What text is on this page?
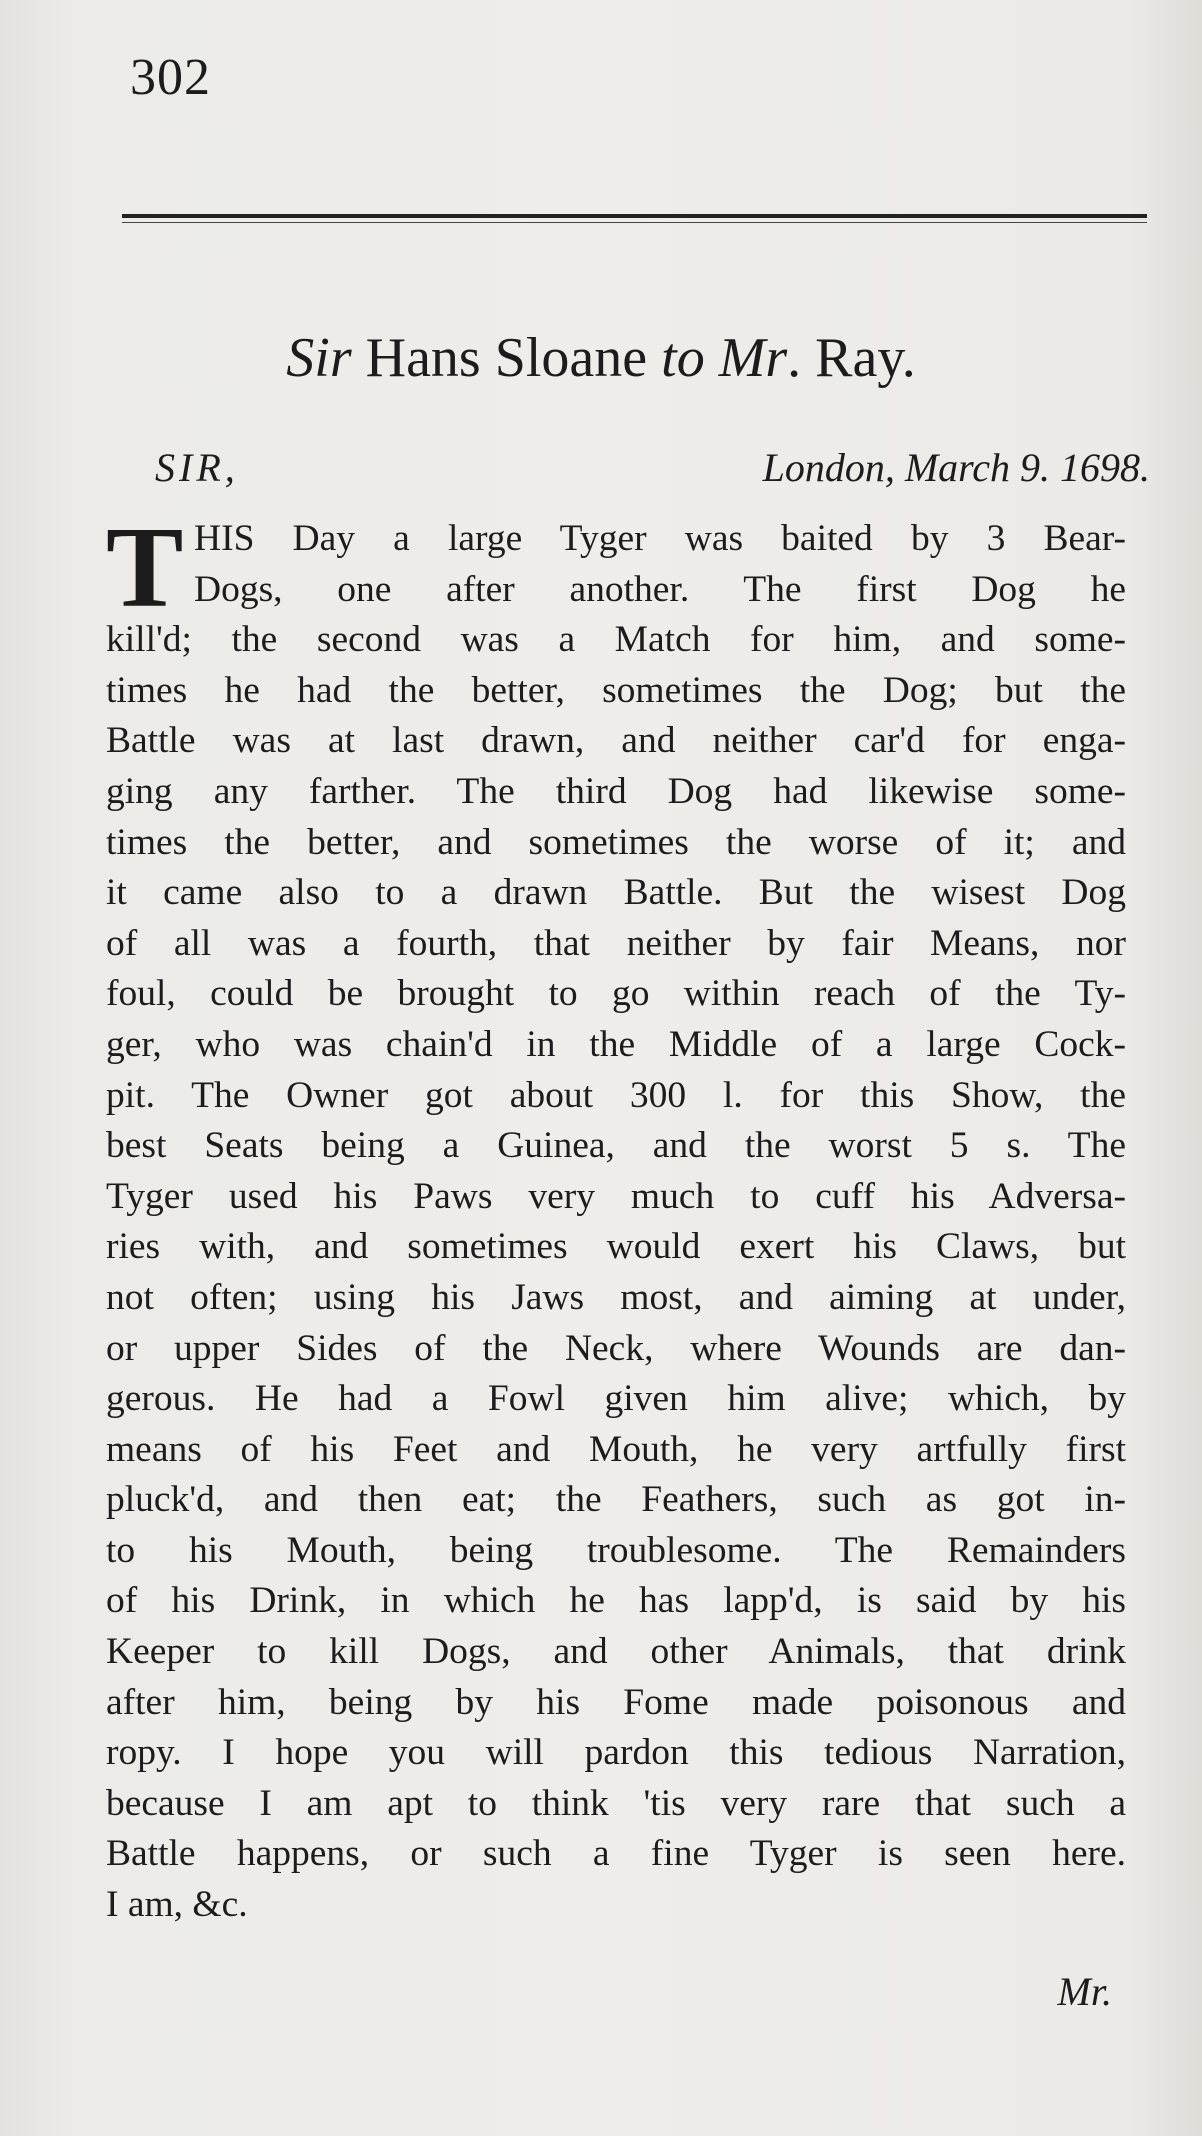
302
Sir Hans Sloane to Mr. Ray.
SIR,	London, March 9. 1698.
T HIS Day a large Tyger was baited by 3 Bear-
Dogs, one after another. The first Dog he
kill'd; the second was a Match for him, and some-
times he had the better, sometimes the Dog; but the
Battle was at last drawn, and neither car'd for enga-
ging any farther. The third Dog had likewise some-
times the better, and sometimes the worse of it; and
it came also to a drawn Battle. But the wisest Dog
of all was a fourth, that neither by fair Means, nor
foul, could be brought to go within reach of the Ty-
ger, who was chain'd in the Middle of a large Cock-
pit. The Owner got about 300 l. for this Show, the
best Seats being a Guinea, and the worst 5 s. The
Tyger used his Paws very much to cuff his Adversa-
ries with, and sometimes would exert his Claws, but
not often; using his Jaws most, and aiming at under,
or upper Sides of the Neck, where Wounds are dan-
gerous. He had a Fowl given him alive; which, by
means of his Feet and Mouth, he very artfully first
pluck'd, and then eat; the Feathers, such as got in-
to his Mouth, being troublesome. The Remainders
of his Drink, in which he has lapp'd, is said by his
Keeper to kill Dogs, and other Animals, that drink
after him, being by his Fome made poisonous and
ropy. I hope you will pardon this tedious Narration,
because I am apt to think 'tis very rare that such a
Battle happens, or such a fine Tyger is seen here.
I am, &c.
Mr.
